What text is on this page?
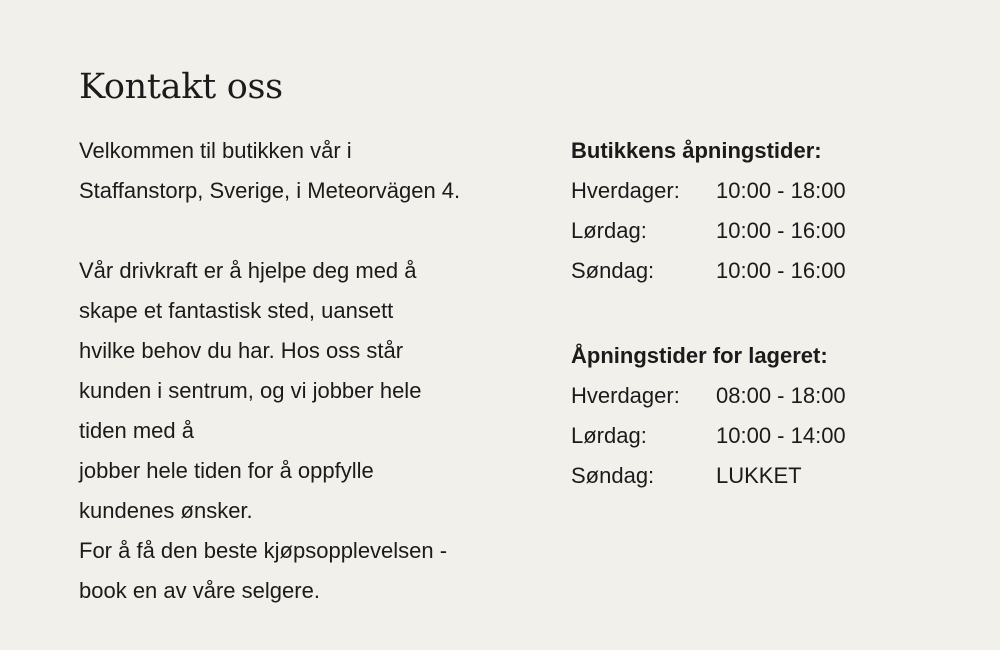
Kontakt oss
Velkommen til butikken vår i
Staffanstorp, Sverige, i Meteorvägen 4.
Vår drivkraft er å hjelpe deg med å
skape et fantastisk sted, uansett
hvilke behov du har. Hos oss står
kunden i sentrum, og vi jobber hele
tiden med å
jobber hele tiden for å oppfylle
kundenes ønsker.
For å få den beste kjøpsopplevelsen -
book en av våre selgere.
Butikkens åpningstider:
Hverdager: 10:00 - 18:00
Lørdag:	10:00 - 16:00
Søndag:	10:00 - 16:00
Åpningstider for lageret:
Hverdager: 08:00 - 18:00
Lørdag:	10:00 - 14:00
Søndag:	LUKKET
